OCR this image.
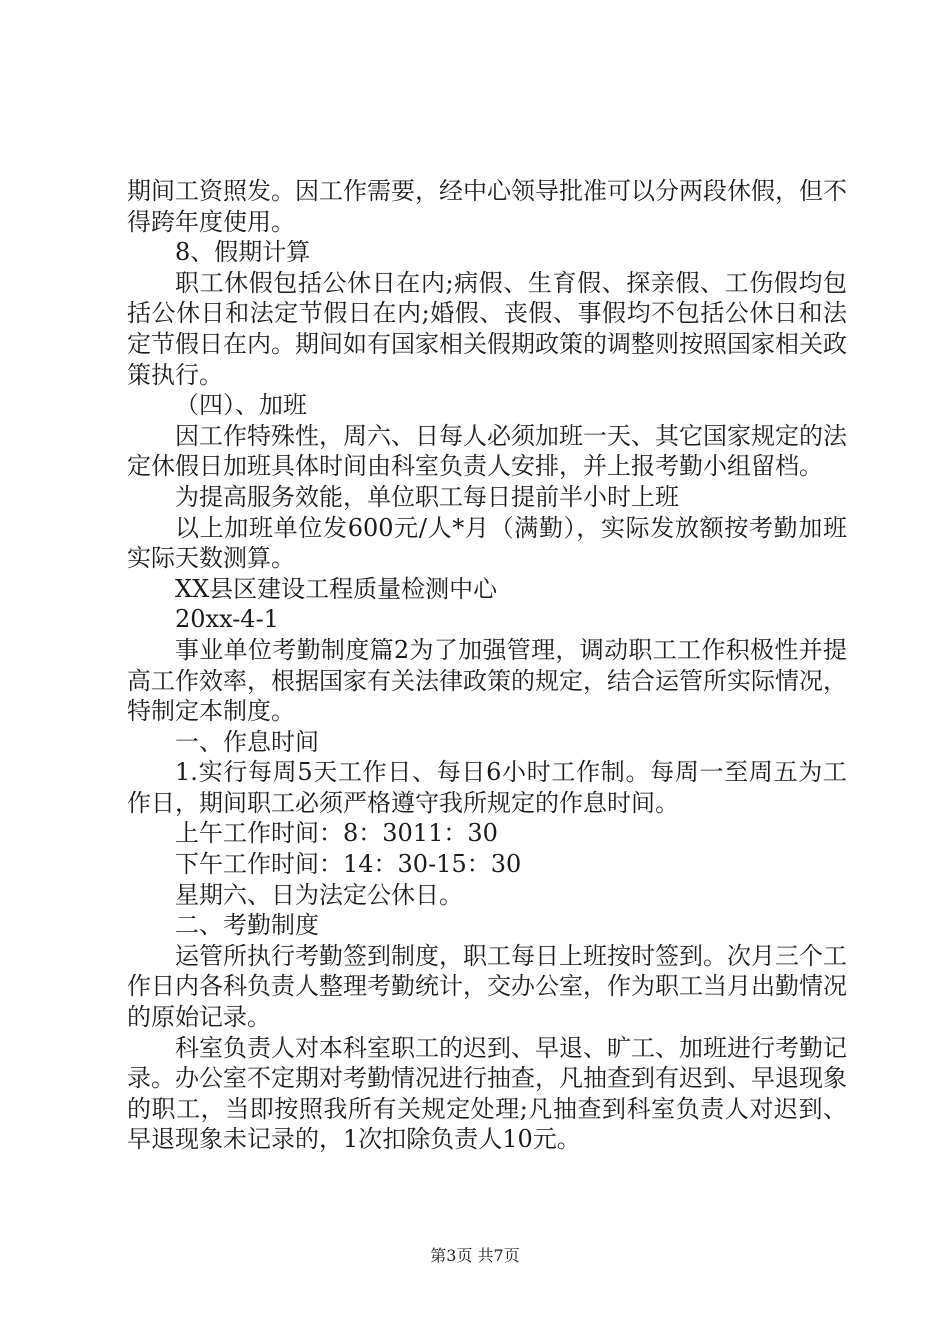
期间工资照发。因工作需要，经中心领导批准可以分两段休假，但不得跨年度使用。

8、假期计算

职工休假包括公休日在内;病假、生育假、探亲假、工伤假均包括公休日和法定节假日在内;婚假、丧假、事假均不包括公休日和法定节假日在内。期间如有国家相关假期政策的调整则按照国家相关政策执行。

（四）、加班

因工作特殊性，周六、日每人必须加班一天、其它国家规定的法定休假日加班具体时间由科室负责人安排，并上报考勤小组留档。

为提高服务效能，单位职工每日提前半小时上班

以上加班单位发600元/人*月（满勤），实际发放额按考勤加班实际天数测算。

XX县区建设工程质量检测中心

20xx-4-1

事业单位考勤制度篇2为了加强管理，调动职工工作积极性并提高工作效率，根据国家有关法律政策的规定，结合运管所实际情况，特制定本制度。

一、作息时间

1.实行每周5天工作日、每日6小时工作制。每周一至周五为工作日，期间职工必须严格遵守我所规定的作息时间。

上午工作时间：8：3011：30

下午工作时间：14：30-15：30

星期六、日为法定公休日。

二、考勤制度

运管所执行考勤签到制度，职工每日上班按时签到。次月三个工作日内各科负责人整理考勤统计，交办公室，作为职工当月出勤情况的原始记录。

科室负责人对本科室职工的迟到、早退、旷工、加班进行考勤记录。办公室不定期对考勤情况进行抽查，凡抽查到有迟到、早退现象的职工，当即按照我所有关规定处理;凡抽查到科室负责人对迟到、早退现象未记录的，1次扣除负责人10元。

第3页 共7页
